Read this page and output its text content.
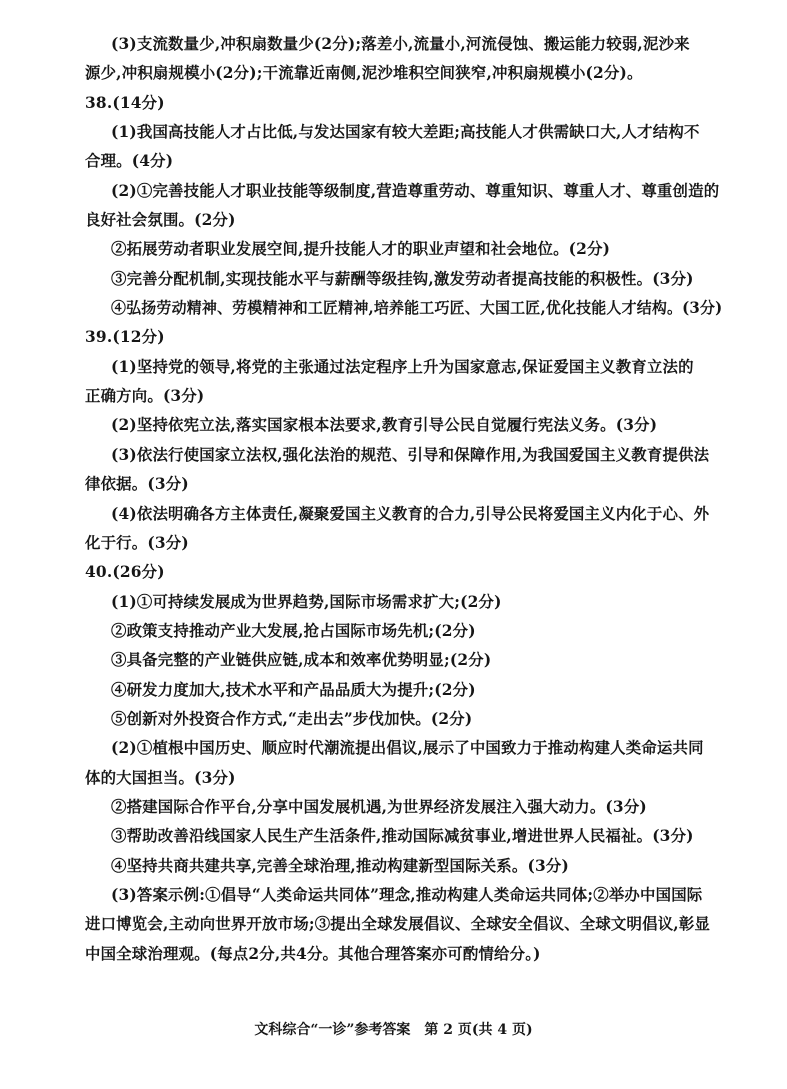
(3)支流数量少,冲积扇数量少(2分);落差小,流量小,河流侵蚀、搬运能力较弱,泥沙来
源少,冲积扇规模小(2分);干流靠近南侧,泥沙堆积空间狭窄,冲积扇规模小(2分)。
38.(14分)
(1)我国高技能人才占比低,与发达国家有较大差距;高技能人才供需缺口大,人才结构不
合理。(4分)
(2)①完善技能人才职业技能等级制度,营造尊重劳动、尊重知识、尊重人才、尊重创造的
良好社会氛围。(2分)
②拓展劳动者职业发展空间,提升技能人才的职业声望和社会地位。(2分)
③完善分配机制,实现技能水平与薪酬等级挂钩,激发劳动者提高技能的积极性。(3分)
④弘扬劳动精神、劳模精神和工匠精神,培养能工巧匠、大国工匠,优化技能人才结构。(3分)
39.(12分)
(1)坚持党的领导,将党的主张通过法定程序上升为国家意志,保证爱国主义教育立法的
正确方向。(3分)
(2)坚持依宪立法,落实国家根本法要求,教育引导公民自觉履行宪法义务。(3分)
(3)依法行使国家立法权,强化法治的规范、引导和保障作用,为我国爱国主义教育提供法
律依据。(3分)
(4)依法明确各方主体责任,凝聚爱国主义教育的合力,引导公民将爱国主义内化于心、外
化于行。(3分)
40.(26分)
(1)①可持续发展成为世界趋势,国际市场需求扩大;(2分)
②政策支持推动产业大发展,抢占国际市场先机;(2分)
③具备完整的产业链供应链,成本和效率优势明显;(2分)
④研发力度加大,技术水平和产品品质大为提升;(2分)
⑤创新对外投资合作方式,“走出去”步伐加快。(2分)
(2)①植根中国历史、顺应时代潮流提出倡议,展示了中国致力于推动构建人类命运共同
体的大国担当。(3分)
②搭建国际合作平台,分享中国发展机遇,为世界经济发展注入强大动力。(3分)
③帮助改善沿线国家人民生产生活条件,推动国际减贫事业,增进世界人民福祉。(3分)
④坚持共商共建共享,完善全球治理,推动构建新型国际关系。(3分)
(3)答案示例:①倡导“人类命运共同体”理念,推动构建人类命运共同体;②举办中国国际
进口博览会,主动向世界开放市场;③提出全球发展倡议、全球安全倡议、全球文明倡议,彰显
中国全球治理观。(每点2分,共4分。其他合理答案亦可酌情给分。)
文科综合“一诊”参考答案　第 2 页(共 4 页)
